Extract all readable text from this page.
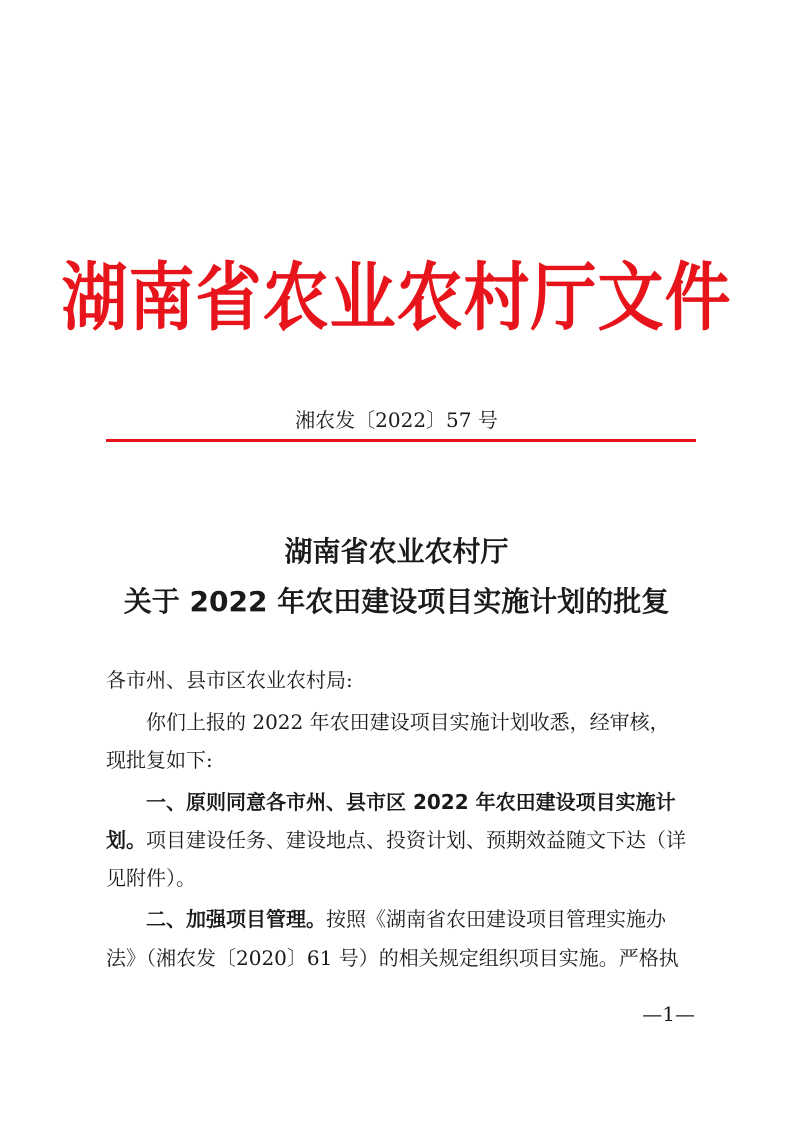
湖南省农业农村厅文件
湘农发〔2022〕57 号
湖南省农业农村厅
关于 2022 年农田建设项目实施计划的批复
各市州、县市区农业农村局:
你们上报的 2022 年农田建设项目实施计划收悉，经审核，
现批复如下:
一、原则同意各市州、县市区 2022 年农田建设项目实施计
划。项目建设任务、建设地点、投资计划、预期效益随文下达（详
见附件）。
二、加强项目管理。按照《湖南省农田建设项目管理实施办
法》（湘农发〔2020〕61 号）的相关规定组织项目实施。严格执
—1—
